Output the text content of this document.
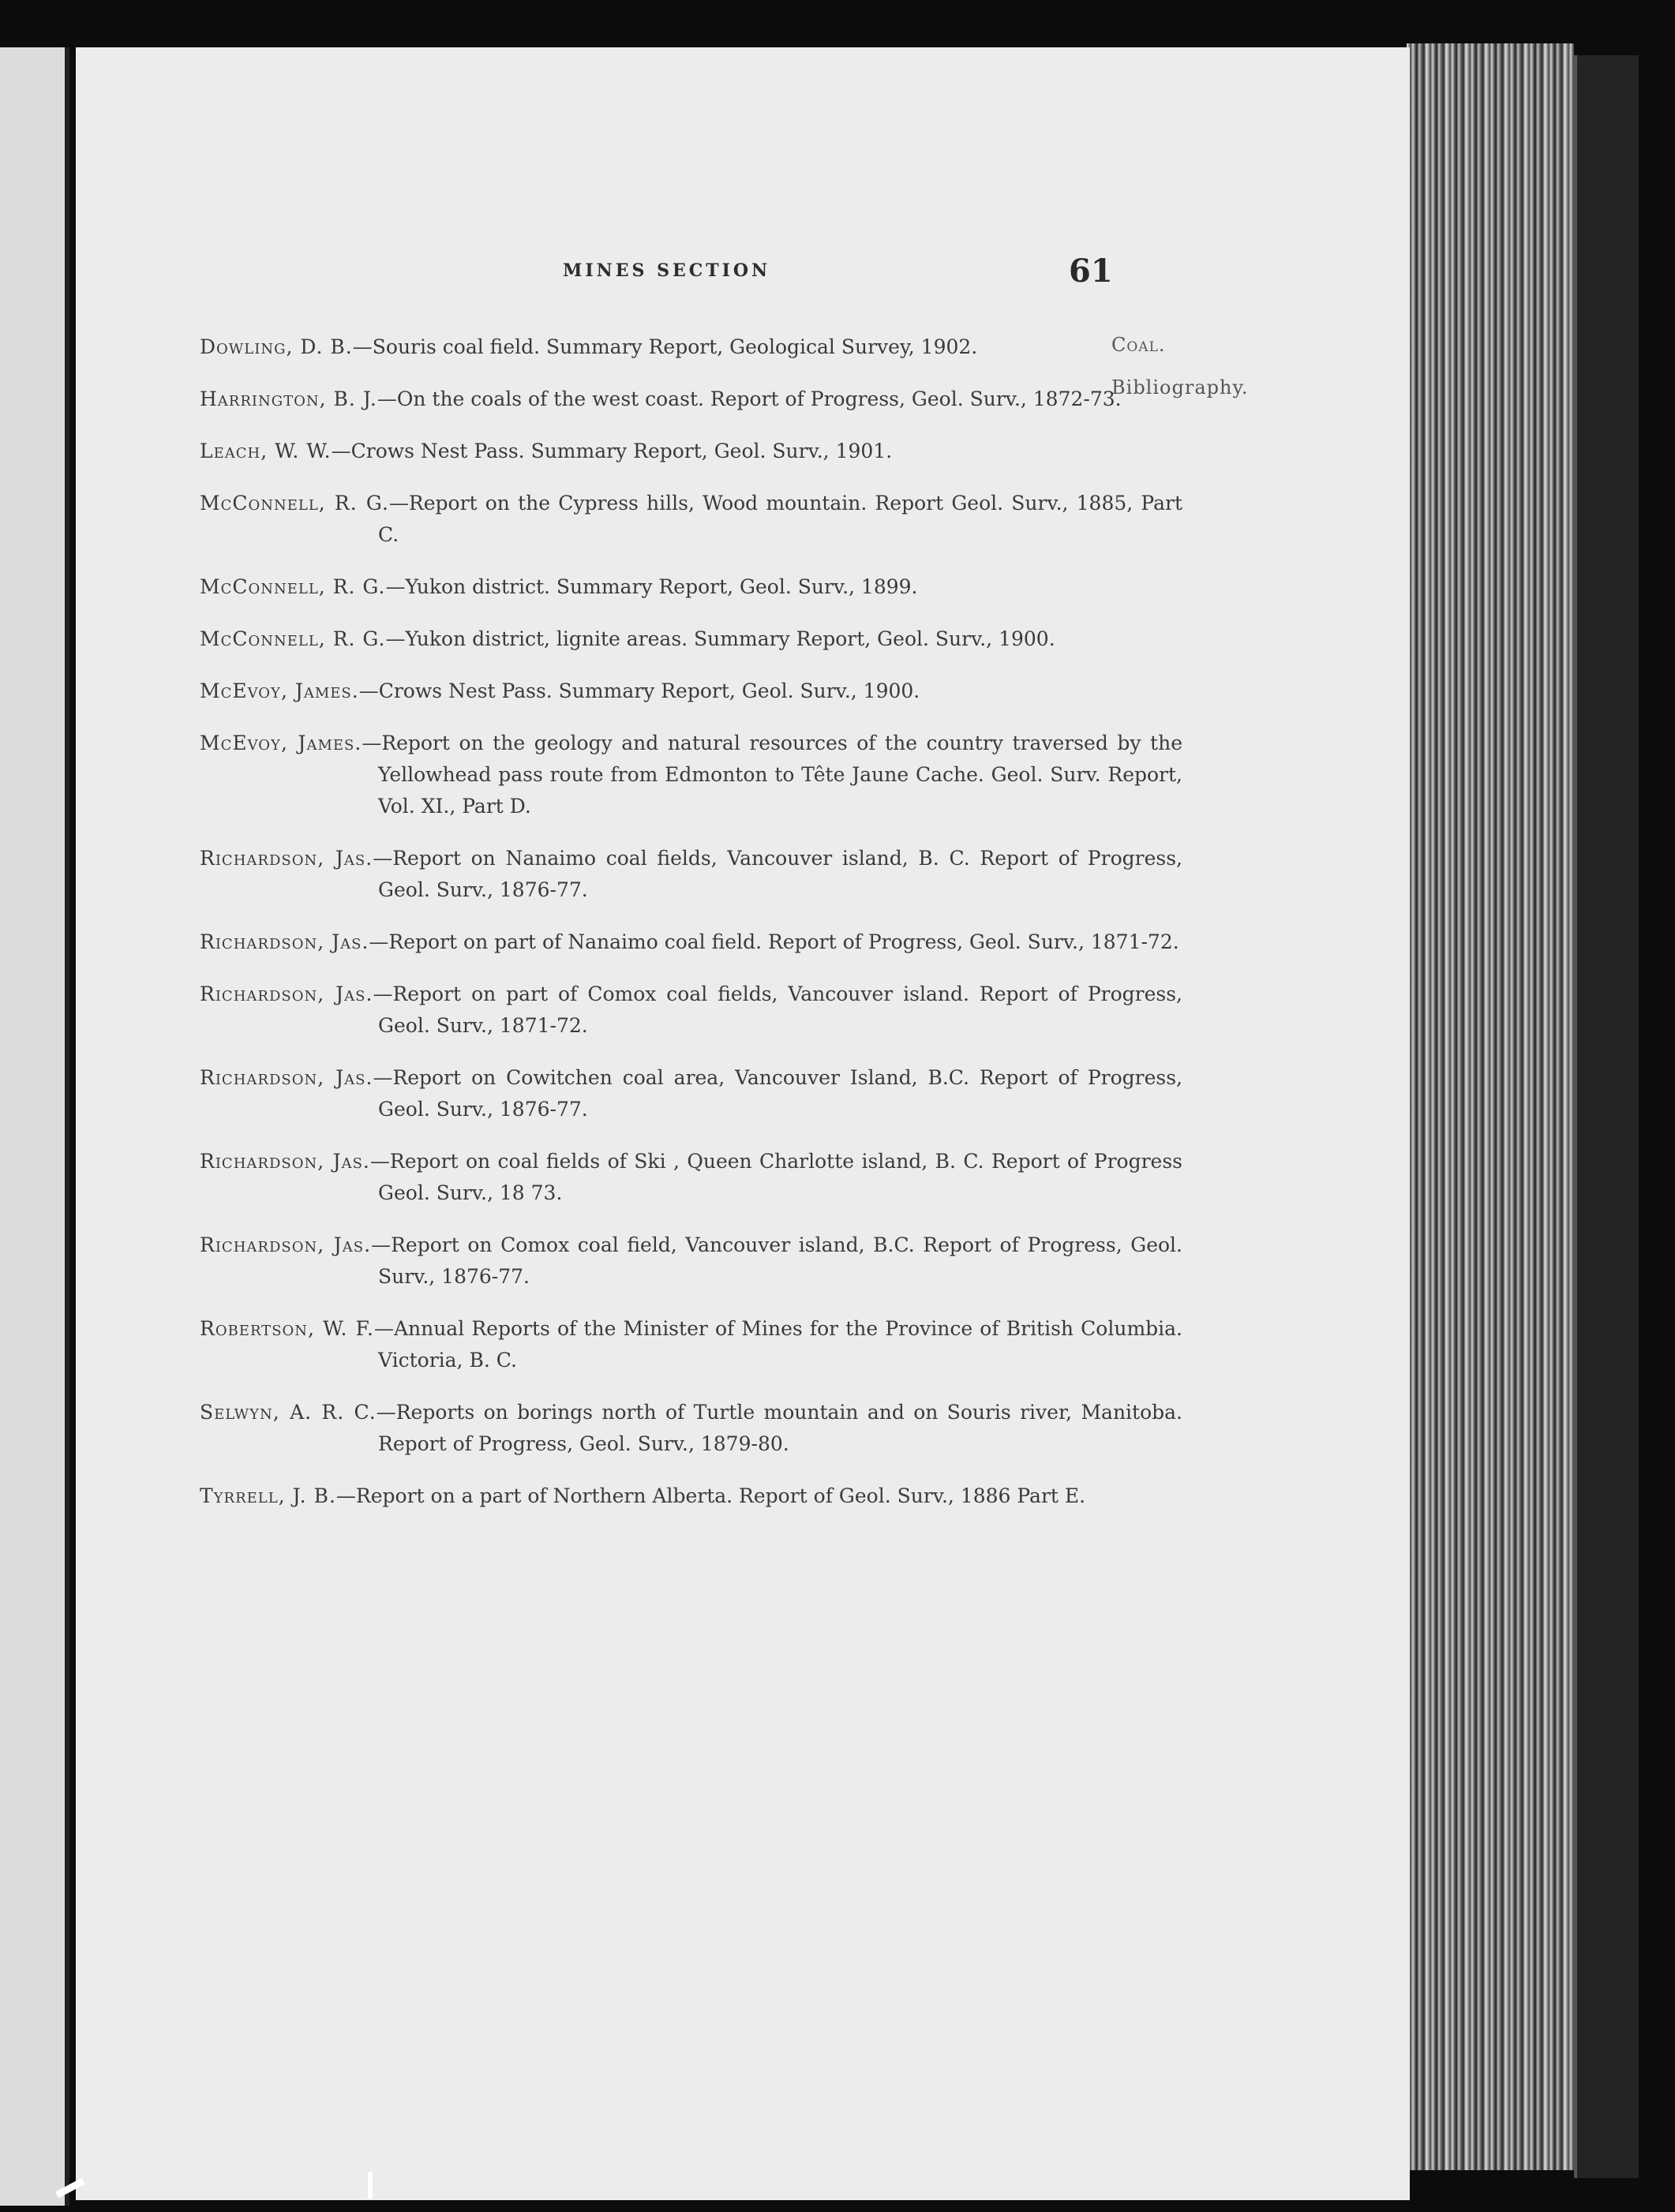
MINES SECTION	61
Coal.
Bibliography.

Dowling, D. B.—Souris coal field. Summary Report, Geological Survey, 1902.

Harrington, B. J.—On the coals of the west coast. Report of Progress, Geol. Surv., 1872-73.

Leach, W. W.—Crows Nest Pass. Summary Report, Geol. Surv., 1901.

McConnell, R. G.—Report on the Cypress hills, Wood mountain. Report Geol. Surv., 1885, Part C.

McConnell, R. G.—Yukon district. Summary Report, Geol. Surv., 1899.

McConnell, R. G.—Yukon district, lignite areas. Summary Report, Geol. Surv., 1900.

McEvoy, James.—Crows Nest Pass. Summary Report, Geol. Surv., 1900.

McEvoy, James.—Report on the geology and natural resources of the country traversed by the Yellowhead pass route from Edmonton to Tête Jaune Cache. Geol. Surv. Report, Vol. XI., Part D.

Richardson, Jas.—Report on Nanaimo coal fields, Vancouver island, B. C. Report of Progress, Geol. Surv., 1876-77.

Richardson, Jas.—Report on part of Nanaimo coal field. Report of Progress, Geol. Surv., 1871-72.

Richardson, Jas.—Report on part of Comox coal fields, Vancouver island. Report of Progress, Geol. Surv., 1871-72.

Richardson, Jas.—Report on Cowitchen coal area, Vancouver Island, B.C. Report of Progress, Geol. Surv., 1876-77.

Richardson, Jas.—Report on coal fields of Ski , Queen Charlotte island, B. C. Report of Progress Geol. Surv., 18 73.

Richardson, Jas.—Report on Comox coal field, Vancouver island, B.C. Report of Progress, Geol. Surv., 1876-77.

Robertson, W. F.—Annual Reports of the Minister of Mines for the Province of British Columbia. Victoria, B. C.

Selwyn, A. R. C.—Reports on borings north of Turtle mountain and on Souris river, Manitoba. Report of Progress, Geol. Surv., 1879-80.

Tyrrell, J. B.—Report on a part of Northern Alberta. Report of Geol. Surv., 1886 Part E.
